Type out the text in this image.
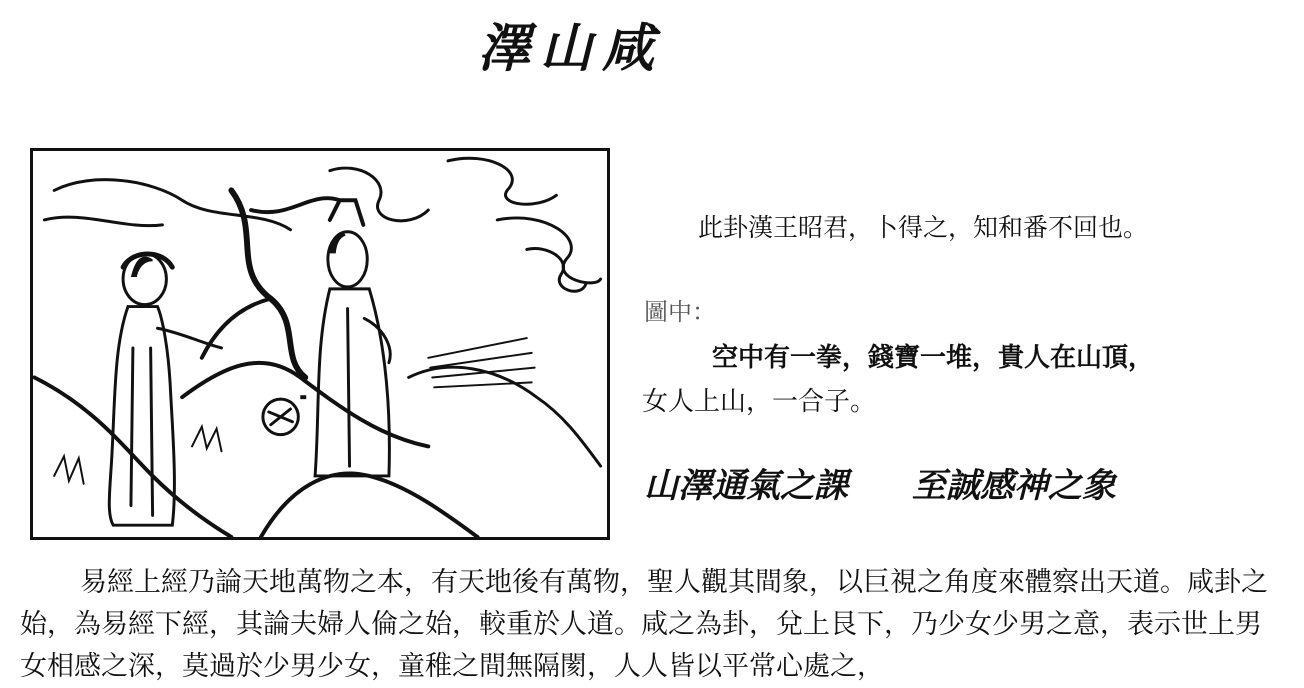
澤山咸
此卦漢王昭君，卜得之，知和番不回也。
圖中：
空中有一拳，錢寶一堆，貴人在山頂，
女人上山，一合子。
山澤通氣之課 至誠感神之象

易經上經乃論天地萬物之本，有天地後有萬物，聖人觀其間象，以巨視之角度來體察出天道。咸卦之始，為易經下經，其論夫婦人倫之始，較重於人道。咸之為卦，兌上艮下，乃少女少男之意，表示世上男女相感之深，莫過於少男少女，童稚之間無隔閡，人人皆以平常心處之，
